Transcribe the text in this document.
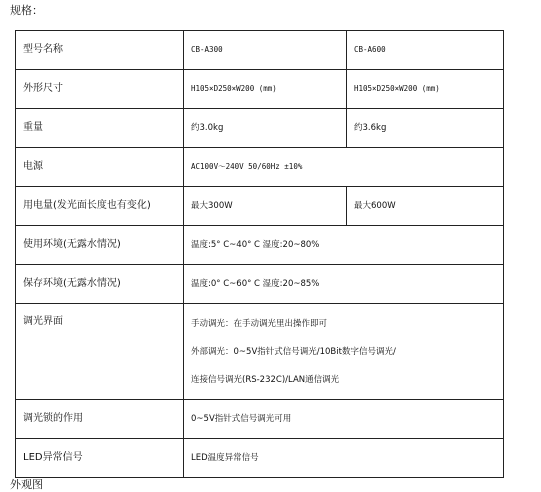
规格：
型号名称	CB-A300	CB-A600
外形尺寸	H105×D250×W200 (mm)	H105×D250×W200 (mm)
重量	约3.0kg	约3.6kg
电源	AC100V～240V 50/60Hz ±10%	
用电量(发光面长度也有变化)	最大300W	最大600W
使用环境(无露水情况)	温度:5° C~40° C 湿度:20~80%	
保存环境(无露水情况)	温度:0° C~60° C 湿度:20~85%	
调光界面	手动调光：在手动调光里出操作即可
外部调光：0~5V指针式信号调光/10Bit数字信号调光/
连接信号调光(RS-232C)/LAN通信调光	

调光锁的作用	0~5V指针式信号调光可用	
LED异常信号	LED温度异常信号	
外观图
